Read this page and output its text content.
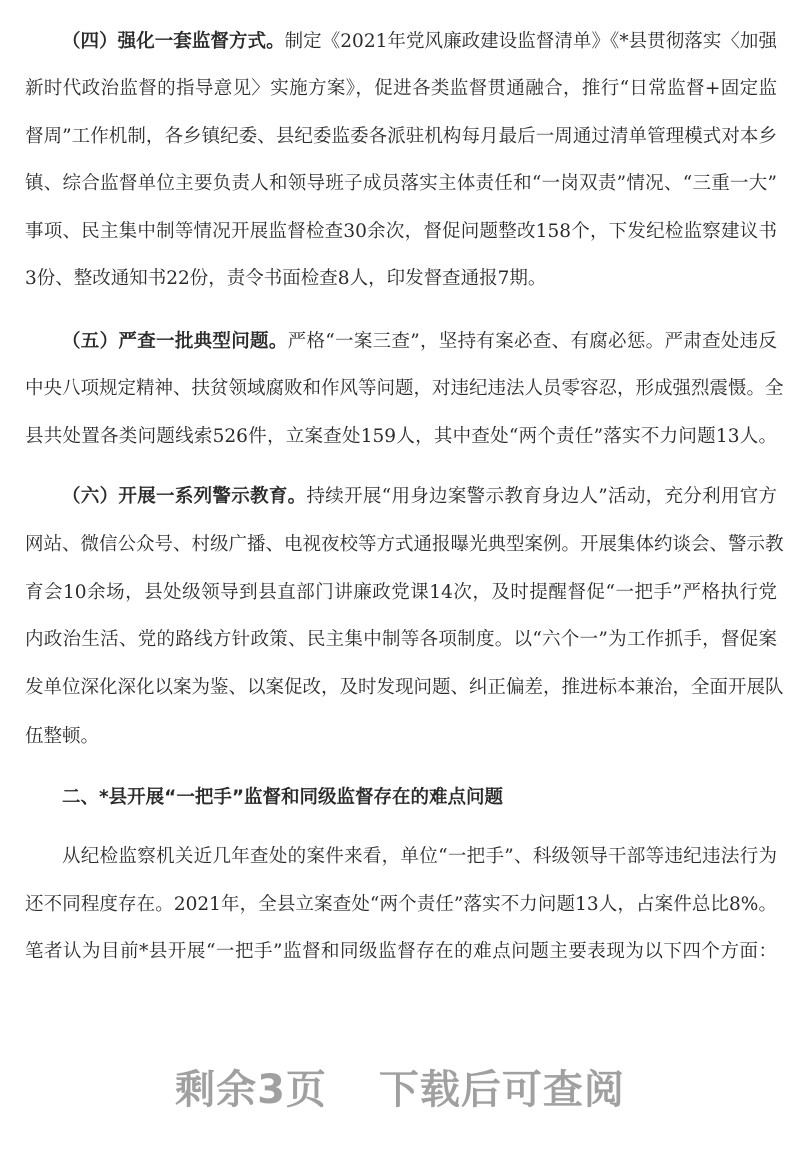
（四）强化一套监督方式。制定《2021年党风廉政建设监督清单》《*县贯彻落实〈加强
新时代政治监督的指导意见〉实施方案》，促进各类监督贯通融合，推行“日常监督+固定监
督周”工作机制，各乡镇纪委、县纪委监委各派驻机构每月最后一周通过清单管理模式对本乡
镇、综合监督单位主要负责人和领导班子成员落实主体责任和“一岗双责”情况、“三重一大”
事项、民主集中制等情况开展监督检查30余次，督促问题整改158个，下发纪检监察建议书
3份、整改通知书22份，责令书面检查8人，印发督查通报7期。
（五）严查一批典型问题。严格“一案三查”，坚持有案必查、有腐必惩。严肃查处违反
中央八项规定精神、扶贫领域腐败和作风等问题，对违纪违法人员零容忍，形成强烈震慑。全
县共处置各类问题线索526件，立案查处159人，其中查处“两个责任”落实不力问题13人。
（六）开展一系列警示教育。持续开展“用身边案警示教育身边人”活动，充分利用官方
网站、微信公众号、村级广播、电视夜校等方式通报曝光典型案例。开展集体约谈会、警示教
育会10余场，县处级领导到县直部门讲廉政党课14次，及时提醒督促“一把手”严格执行党
内政治生活、党的路线方针政策、民主集中制等各项制度。以“六个一”为工作抓手，督促案
发单位深化深化以案为鉴、以案促改，及时发现问题、纠正偏差，推进标本兼治，全面开展队
伍整顿。
二、*县开展“一把手”监督和同级监督存在的难点问题
从纪检监察机关近几年查处的案件来看，单位“一把手”、科级领导干部等违纪违法行为
还不同程度存在。2021年，全县立案查处“两个责任”落实不力问题13人，占案件总比8%。
笔者认为目前*县开展“一把手”监督和同级监督存在的难点问题主要表现为以下四个方面：
剩余3页 下载后可查阅
